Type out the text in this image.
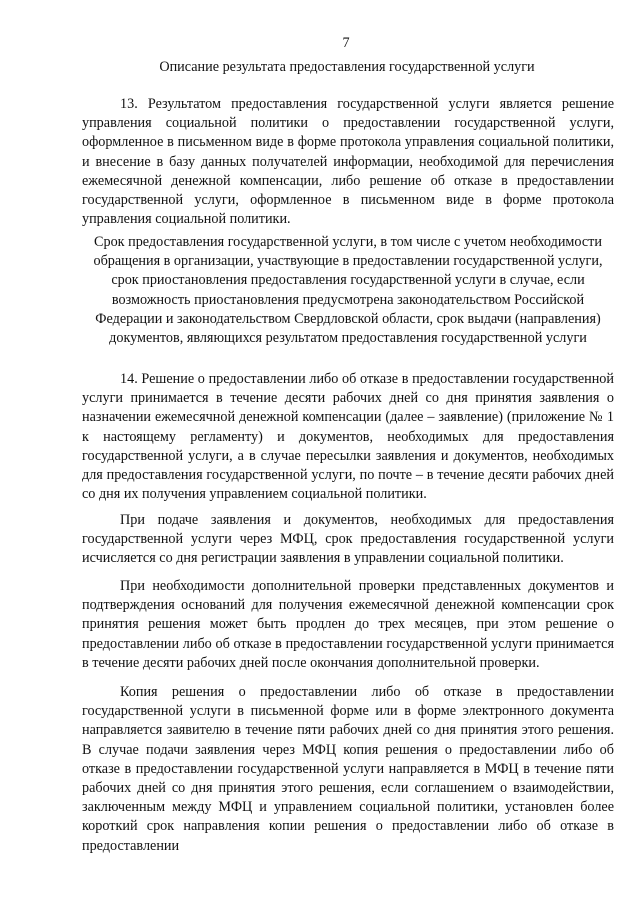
7
Описание результата предоставления государственной услуги

13. Результатом предоставления государственной услуги является решение управления социальной политики о предоставлении государственной услуги, оформленное в письменном виде в форме протокола управления социальной политики, и внесение в базу данных получателей информации, необходимой для перечисления ежемесячной денежной компенсации, либо решение об отказе в предоставлении государственной услуги, оформленное в письменном виде в форме протокола управления социальной политики.

Срок предоставления государственной услуги, в том числе с учетом необходимости обращения в организации, участвующие в предоставлении государственной услуги, срок приостановления предоставления государственной услуги в случае, если возможность приостановления предусмотрена законодательством Российской Федерации и законодательством Свердловской области, срок выдачи (направления) документов, являющихся результатом предоставления государственной услуги

14. Решение о предоставлении либо об отказе в предоставлении государственной услуги принимается в течение десяти рабочих дней со дня принятия заявления о назначении ежемесячной денежной компенсации (далее – заявление) (приложение № 1 к настоящему регламенту) и документов, необходимых для предоставления государственной услуги, а в случае пересылки заявления и документов, необходимых для предоставления государственной услуги, по почте – в течение десяти рабочих дней со дня их получения управлением социальной политики.

При подаче заявления и документов, необходимых для предоставления государственной услуги через МФЦ, срок предоставления государственной услуги исчисляется со дня регистрации заявления в управлении социальной политики.

При необходимости дополнительной проверки представленных документов и подтверждения оснований для получения ежемесячной денежной компенсации срок принятия решения может быть продлен до трех месяцев, при этом решение о предоставлении либо об отказе в предоставлении государственной услуги принимается в течение десяти рабочих дней после окончания дополнительной проверки.

Копия решения о предоставлении либо об отказе в предоставлении государственной услуги в письменной форме или в форме электронного документа направляется заявителю в течение пяти рабочих дней со дня принятия этого решения. В случае подачи заявления через МФЦ копия решения о предоставлении либо об отказе в предоставлении государственной услуги направляется в МФЦ в течение пяти рабочих дней со дня принятия этого решения, если соглашением о взаимодействии, заключенным между МФЦ и управлением социальной политики, установлен более короткий срок направления копии решения о предоставлении либо об отказе в предоставлении
